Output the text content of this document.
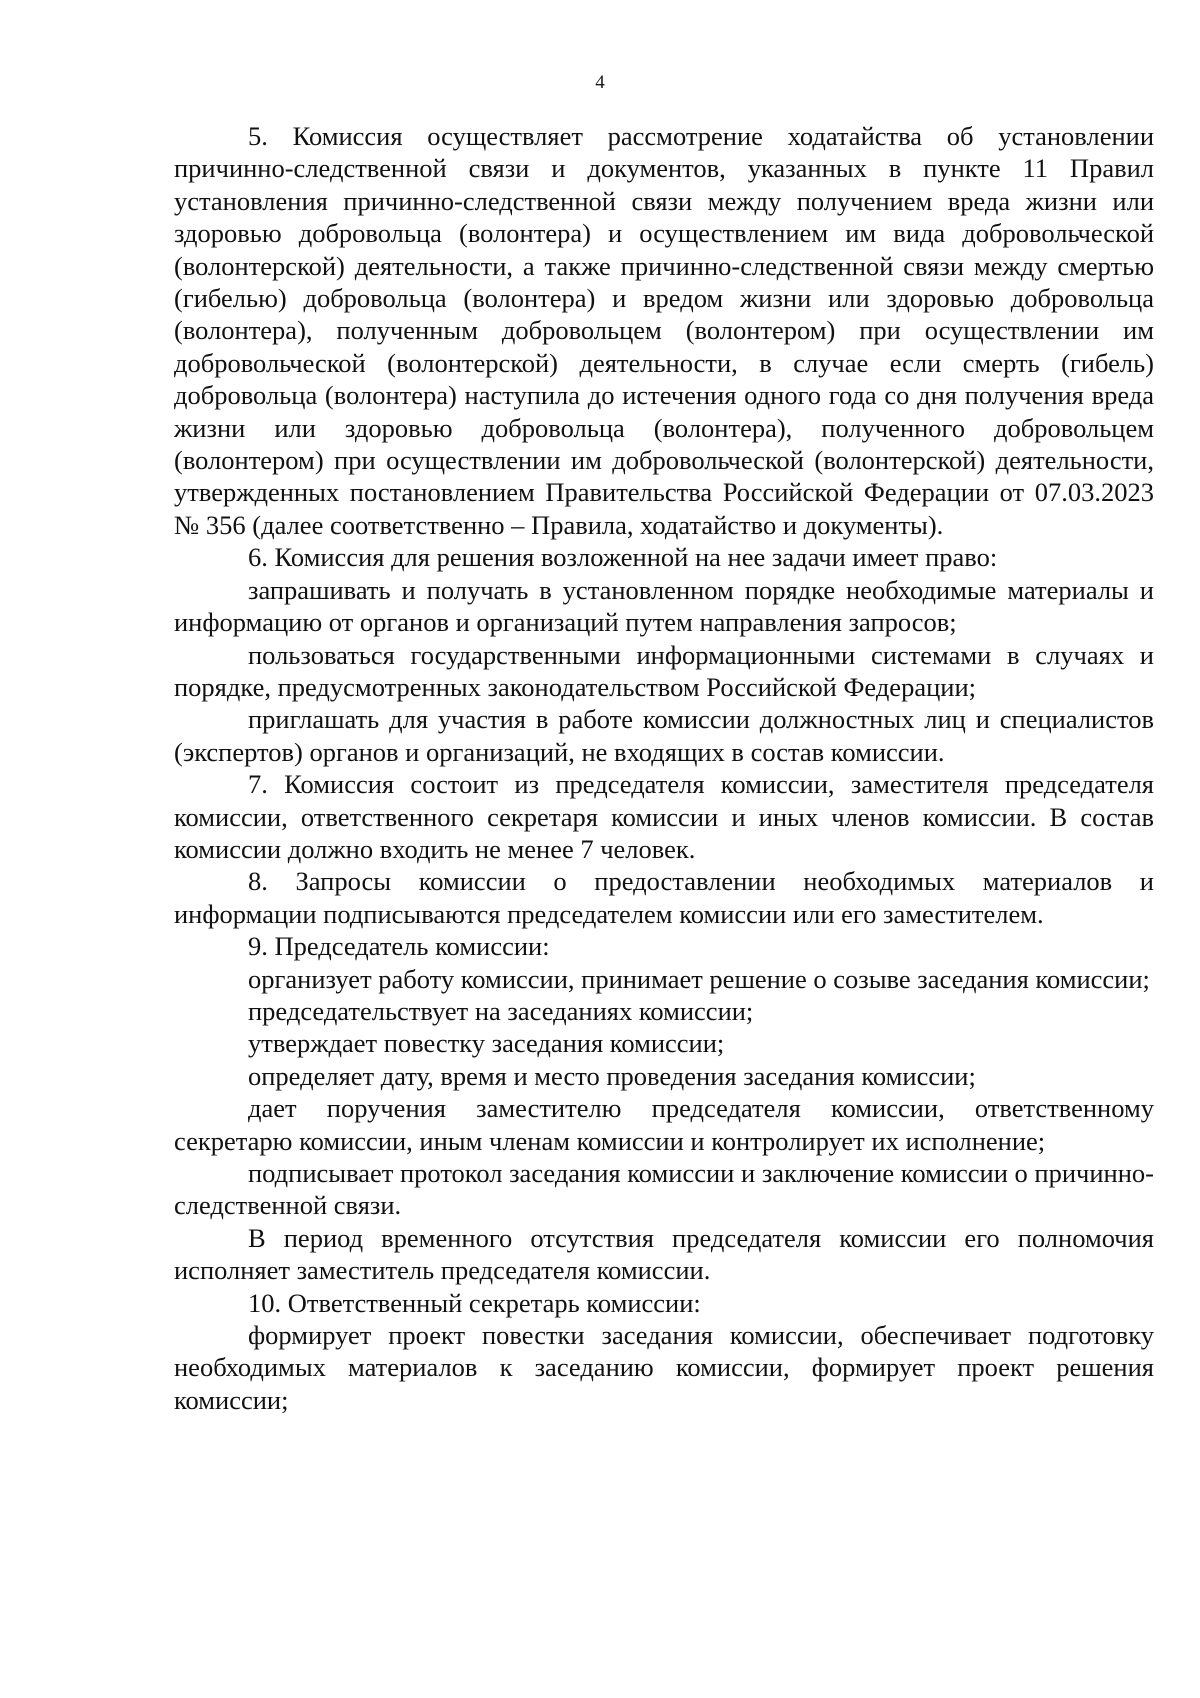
4

5. Комиссия осуществляет рассмотрение ходатайства об установлении причинно-следственной связи и документов, указанных в пункте 11 Правил установления причинно-следственной связи между получением вреда жизни или здоровью добровольца (волонтера) и осуществлением им вида добровольческой (волонтерской) деятельности, а также причинно-следственной связи между смертью (гибелью) добровольца (волонтера) и вредом жизни или здоровью добровольца (волонтера), полученным добровольцем (волонтером) при осуществлении им добровольческой (волонтерской) деятельности, в случае если смерть (гибель) добровольца (волонтера) наступила до истечения одного года со дня получения вреда жизни или здоровью добровольца (волонтера), полученного добровольцем (волонтером) при осуществлении им добровольческой (волонтерской) деятельности, утвержденных постановлением Правительства Российской Федерации от 07.03.2023 № 356 (далее соответственно – Правила, ходатайство и документы).

6. Комиссия для решения возложенной на нее задачи имеет право:

запрашивать и получать в установленном порядке необходимые материалы и информацию от органов и организаций путем направления запросов;

пользоваться государственными информационными системами в случаях и порядке, предусмотренных законодательством Российской Федерации;

приглашать для участия в работе комиссии должностных лиц и специалистов (экспертов) органов и организаций, не входящих в состав комиссии.

7. Комиссия состоит из председателя комиссии, заместителя председателя комиссии, ответственного секретаря комиссии и иных членов комиссии. В состав комиссии должно входить не менее 7 человек.

8. Запросы комиссии о предоставлении необходимых материалов и информации подписываются председателем комиссии или его заместителем.

9. Председатель комиссии:

организует работу комиссии, принимает решение о созыве заседания комиссии;

председательствует на заседаниях комиссии;

утверждает повестку заседания комиссии;

определяет дату, время и место проведения заседания комиссии;

дает поручения заместителю председателя комиссии, ответственному секретарю комиссии, иным членам комиссии и контролирует их исполнение;

подписывает протокол заседания комиссии и заключение комиссии о причинно-следственной связи.

В период временного отсутствия председателя комиссии его полномочия исполняет заместитель председателя комиссии.

10. Ответственный секретарь комиссии:

формирует проект повестки заседания комиссии, обеспечивает подготовку необходимых материалов к заседанию комиссии, формирует проект решения комиссии;
